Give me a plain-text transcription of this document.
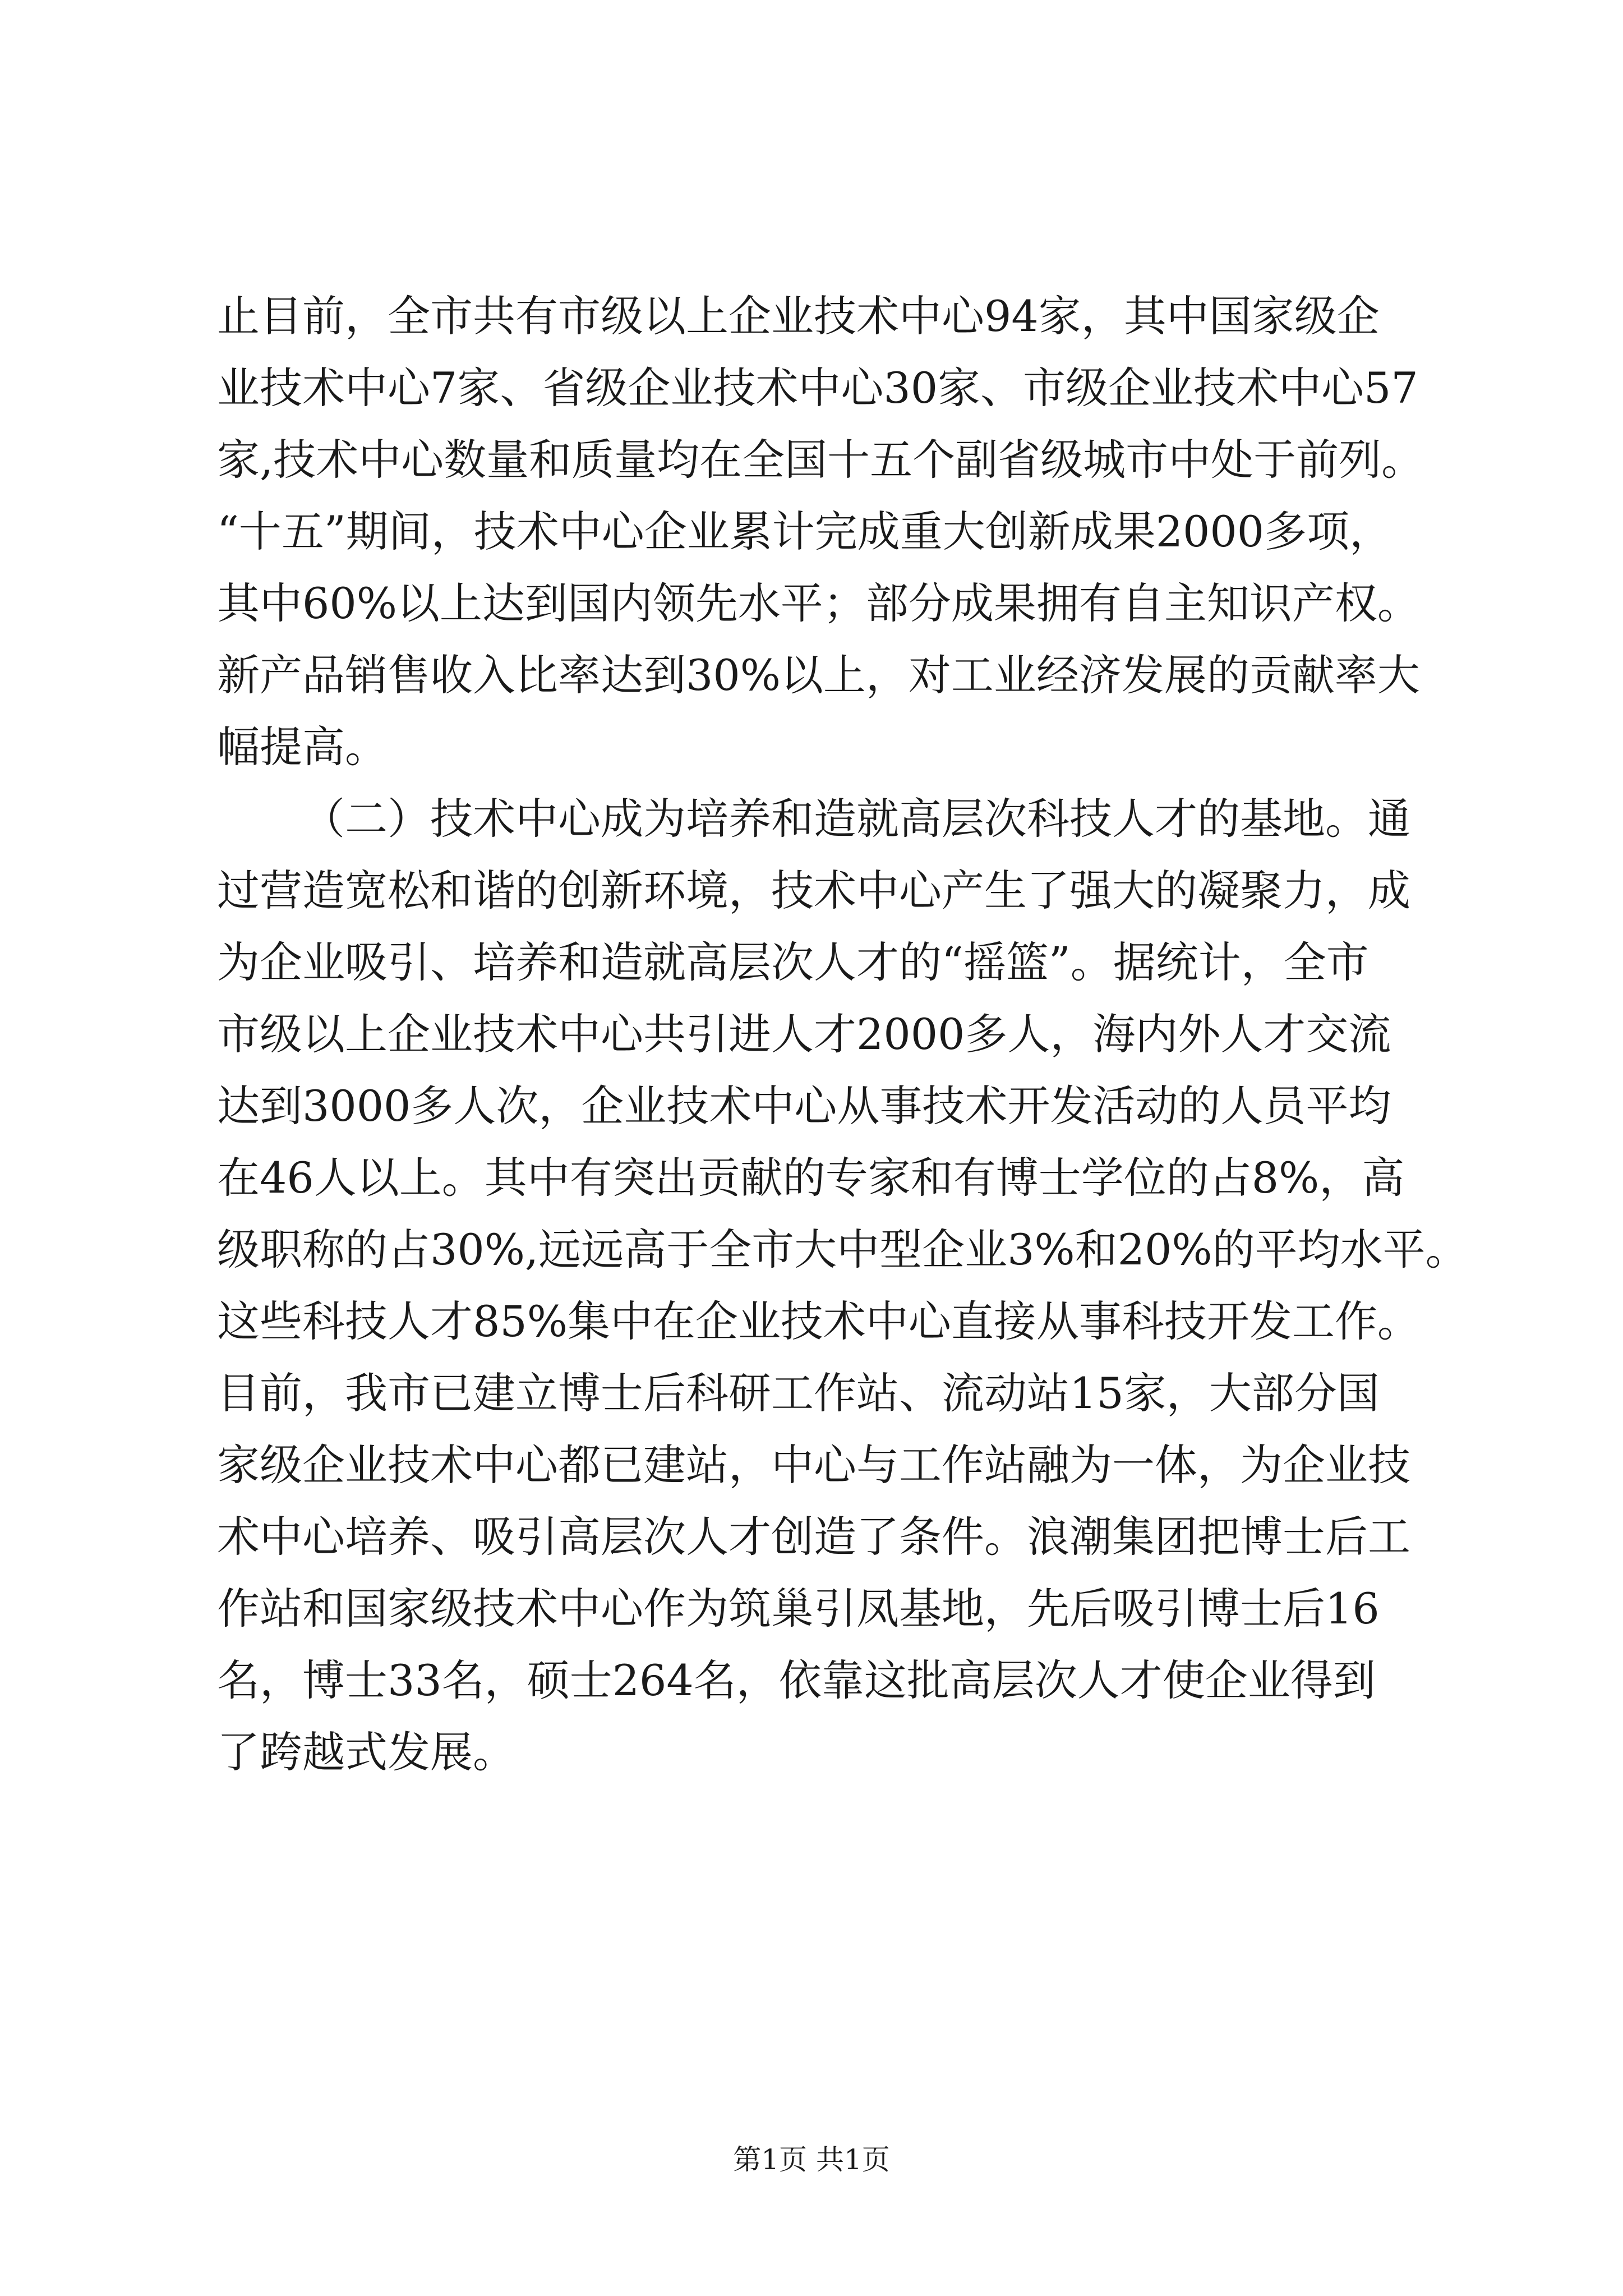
止目前，全市共有市级以上企业技术中心94家，其中国家级企
业技术中心7家、省级企业技术中心30家、市级企业技术中心57
家,技术中心数量和质量均在全国十五个副省级城市中处于前列。
“十五”期间，技术中心企业累计完成重大创新成果2000多项，
其中60%以上达到国内领先水平；部分成果拥有自主知识产权。
新产品销售收入比率达到30%以上，对工业经济发展的贡献率大
幅提高。
（二）技术中心成为培养和造就高层次科技人才的基地。通
过营造宽松和谐的创新环境，技术中心产生了强大的凝聚力，成
为企业吸引、培养和造就高层次人才的“摇篮”。据统计，全市
市级以上企业技术中心共引进人才2000多人，海内外人才交流
达到3000多人次，企业技术中心从事技术开发活动的人员平均
在46人以上。其中有突出贡献的专家和有博士学位的占8%，高
级职称的占30%,远远高于全市大中型企业3%和20%的平均水平。
这些科技人才85%集中在企业技术中心直接从事科技开发工作。
目前，我市已建立博士后科研工作站、流动站15家，大部分国
家级企业技术中心都已建站，中心与工作站融为一体，为企业技
术中心培养、吸引高层次人才创造了条件。浪潮集团把博士后工
作站和国家级技术中心作为筑巢引凤基地，先后吸引博士后16
名，博士33名，硕士264名，依靠这批高层次人才使企业得到
了跨越式发展。
第1页 共1页
